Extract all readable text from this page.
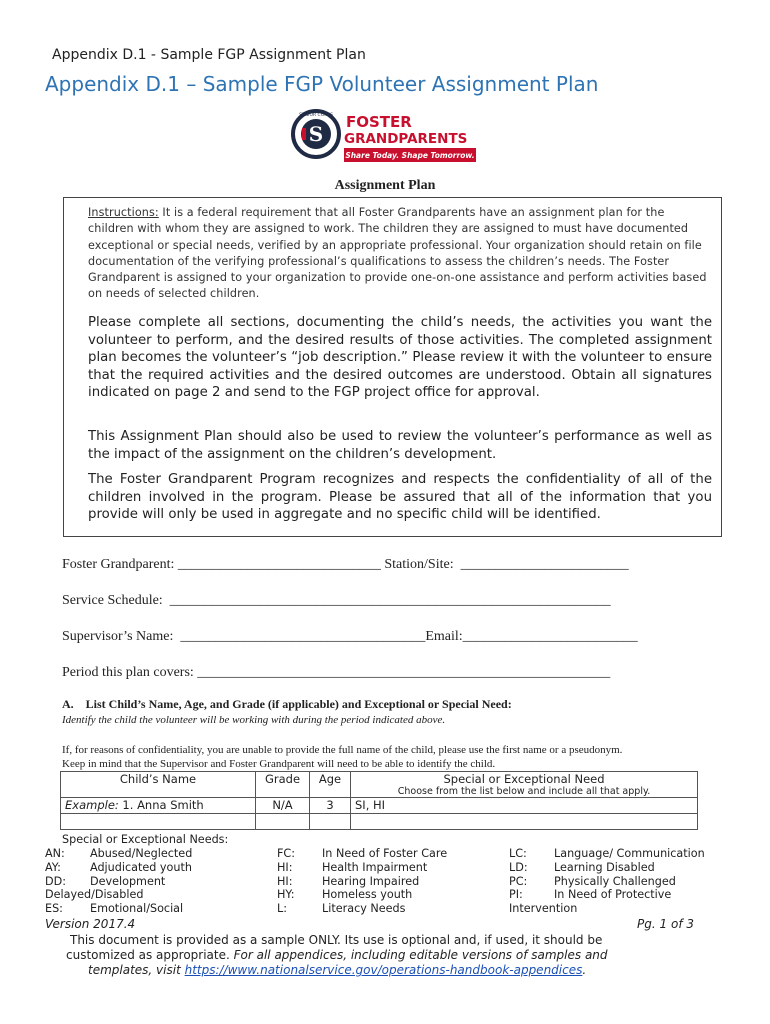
Appendix D.1 - Sample FGP Assignment Plan
Appendix D.1 – Sample FGP Volunteer Assignment Plan
S
SENIOR CORPS FOSTER
GRANDPARENTS
Share Today. Shape Tomorrow.
Assignment Plan
Instructions: It is a federal requirement that all Foster Grandparents have an assignment plan for the children with whom they are assigned to work. The children they are assigned to must have documented exceptional or special needs, verified by an appropriate professional. Your organization should retain on file documentation of the verifying professional’s qualifications to assess the children’s needs. The Foster Grandparent is assigned to your organization to provide one-on-one assistance and perform activities based on needs of selected children.
Please complete all sections, documenting the child’s needs, the activities you want the volunteer to perform, and the desired results of those activities. The completed assignment plan becomes the volunteer’s “job description.” Please review it with the volunteer to ensure that the required activities and the desired outcomes are understood. Obtain all signatures indicated on page 2 and send to the FGP project office for approval.
This Assignment Plan should also be used to review the volunteer’s performance as well as the impact of the assignment on the children’s development.
The Foster Grandparent Program recognizes and respects the confidentiality of all of the children involved in the program. Please be assured that all of the information that you provide will only be used in aggregate and no specific child will be identified.
Foster Grandparent: _____________________________ Station/Site:  ________________________
Service Schedule:  _______________________________________________________________
Supervisor’s Name:  ___________________________________Email:_________________________
Period this plan covers: ___________________________________________________________
A. List Child’s Name, Age, and Grade (if applicable) and Exceptional or Special Need:
Identify the child the volunteer will be working with during the period indicated above.
If, for reasons of confidentiality, you are unable to provide the full name of the child, please use the first name or a pseudonym.
Keep in mind that the Supervisor and Foster Grandparent will need to be able to identify the child.
Child’s Name	Grade	Age	Special or Exceptional Need
Choose from the list below and include all that apply.

Example: 1. Anna Smith	N/A	3	SI, HI

Special or Exceptional Needs:
AN: Abused/Neglected
AY:	Adjudicated youth
DD: Development
Delayed/Disabled
ES: Emotional/Social
FC: In Need of Foster Care
HI:	Health Impairment
HI:	Hearing Impaired
HY: Homeless youth
L:	Literacy Needs
LC: Language/ Communication
LD: Learning Disabled
PC: Physically Challenged
PI:	In Need of Protective
Intervention
Version 2017.4	Pg. 1 of 3
This document is provided as a sample ONLY. Its use is optional and, if used, it should be
customized as appropriate. For all appendices, including editable versions of samples and
templates, visit https://www.nationalservice.gov/operations-handbook-appendices.
